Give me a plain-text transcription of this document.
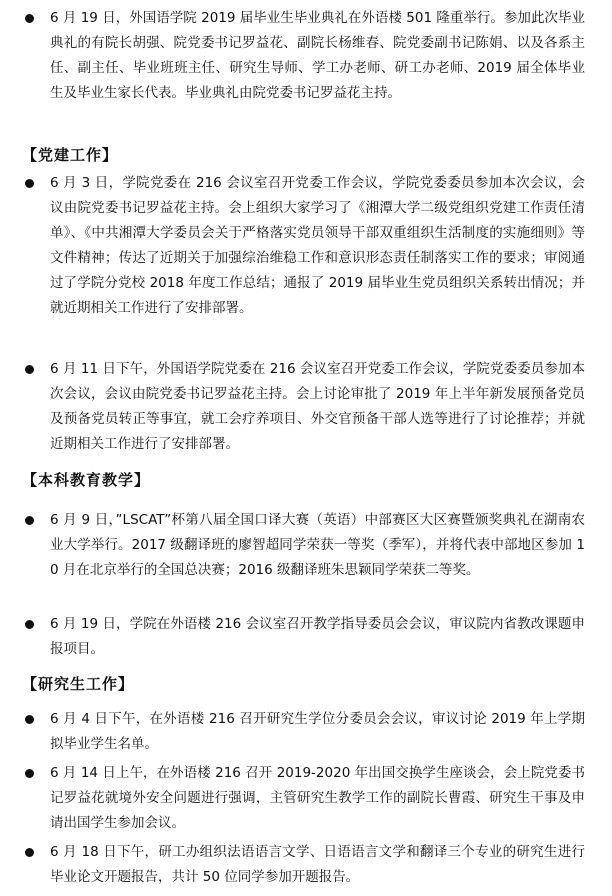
6 月 19 日，外国语学院 2019 届毕业生毕业典礼在外语楼 501 隆重举行。参加此次毕业典礼的有院长胡强、院党委书记罗益花、副院长杨维春、院党委副书记陈娟、以及各系主任、副主任、毕业班班主任、研究生导师、学工办老师、研工办老师、2019 届全体毕业生及毕业生家长代表。毕业典礼由院党委书记罗益花主持。
【党建工作】
6 月 3 日，学院党委在 216 会议室召开党委工作会议，学院党委委员参加本次会议，会议由院党委书记罗益花主持。会上组织大家学习了《湘潭大学二级党组织党建工作责任清单》、《中共湘潭大学委员会关于严格落实党员领导干部双重组织生活制度的实施细则》等文件精神；传达了近期关于加强综治维稳工作和意识形态责任制落实工作的要求；审阅通过了学院分党校 2018 年度工作总结；通报了 2019 届毕业生党员组织关系转出情况；并就近期相关工作进行了安排部署。
6 月 11 日下午，外国语学院党委在 216 会议室召开党委工作会议，学院党委委员参加本次会议，会议由院党委书记罗益花主持。会上讨论审批了 2019 年上半年新发展预备党员及预备党员转正等事宜，就工会疗养项目、外交官预备干部人选等进行了讨论推荐；并就近期相关工作进行了安排部署。
【本科教育教学】
6 月 9 日，”LSCAT”杯第八届全国口译大赛（英语）中部赛区大区赛暨颁奖典礼在湖南农业大学举行。2017 级翻译班的廖智超同学荣获一等奖（季军），并将代表中部地区参加 10 月在北京举行的全国总决赛；2016 级翻译班朱思颖同学荣获二等奖。
6 月 19 日，学院在外语楼 216 会议室召开教学指导委员会会议，审议院内省教改课题申报项目。
【研究生工作】
6 月 4 日下午，在外语楼 216 召开研究生学位分委员会会议，审议讨论 2019 年上学期拟毕业学生名单。
6 月 14 日上午，在外语楼 216 召开 2019-2020 年出国交换学生座谈会，会上院党委书记罗益花就境外安全问题进行强调，主管研究生教学工作的副院长曹霞、研究生干事及申请出国学生参加会议。
6 月 18 日下午，研工办组织法语语言文学、日语语言文学和翻译三个专业的研究生进行毕业论文开题报告，共计 50 位同学参加开题报告。
